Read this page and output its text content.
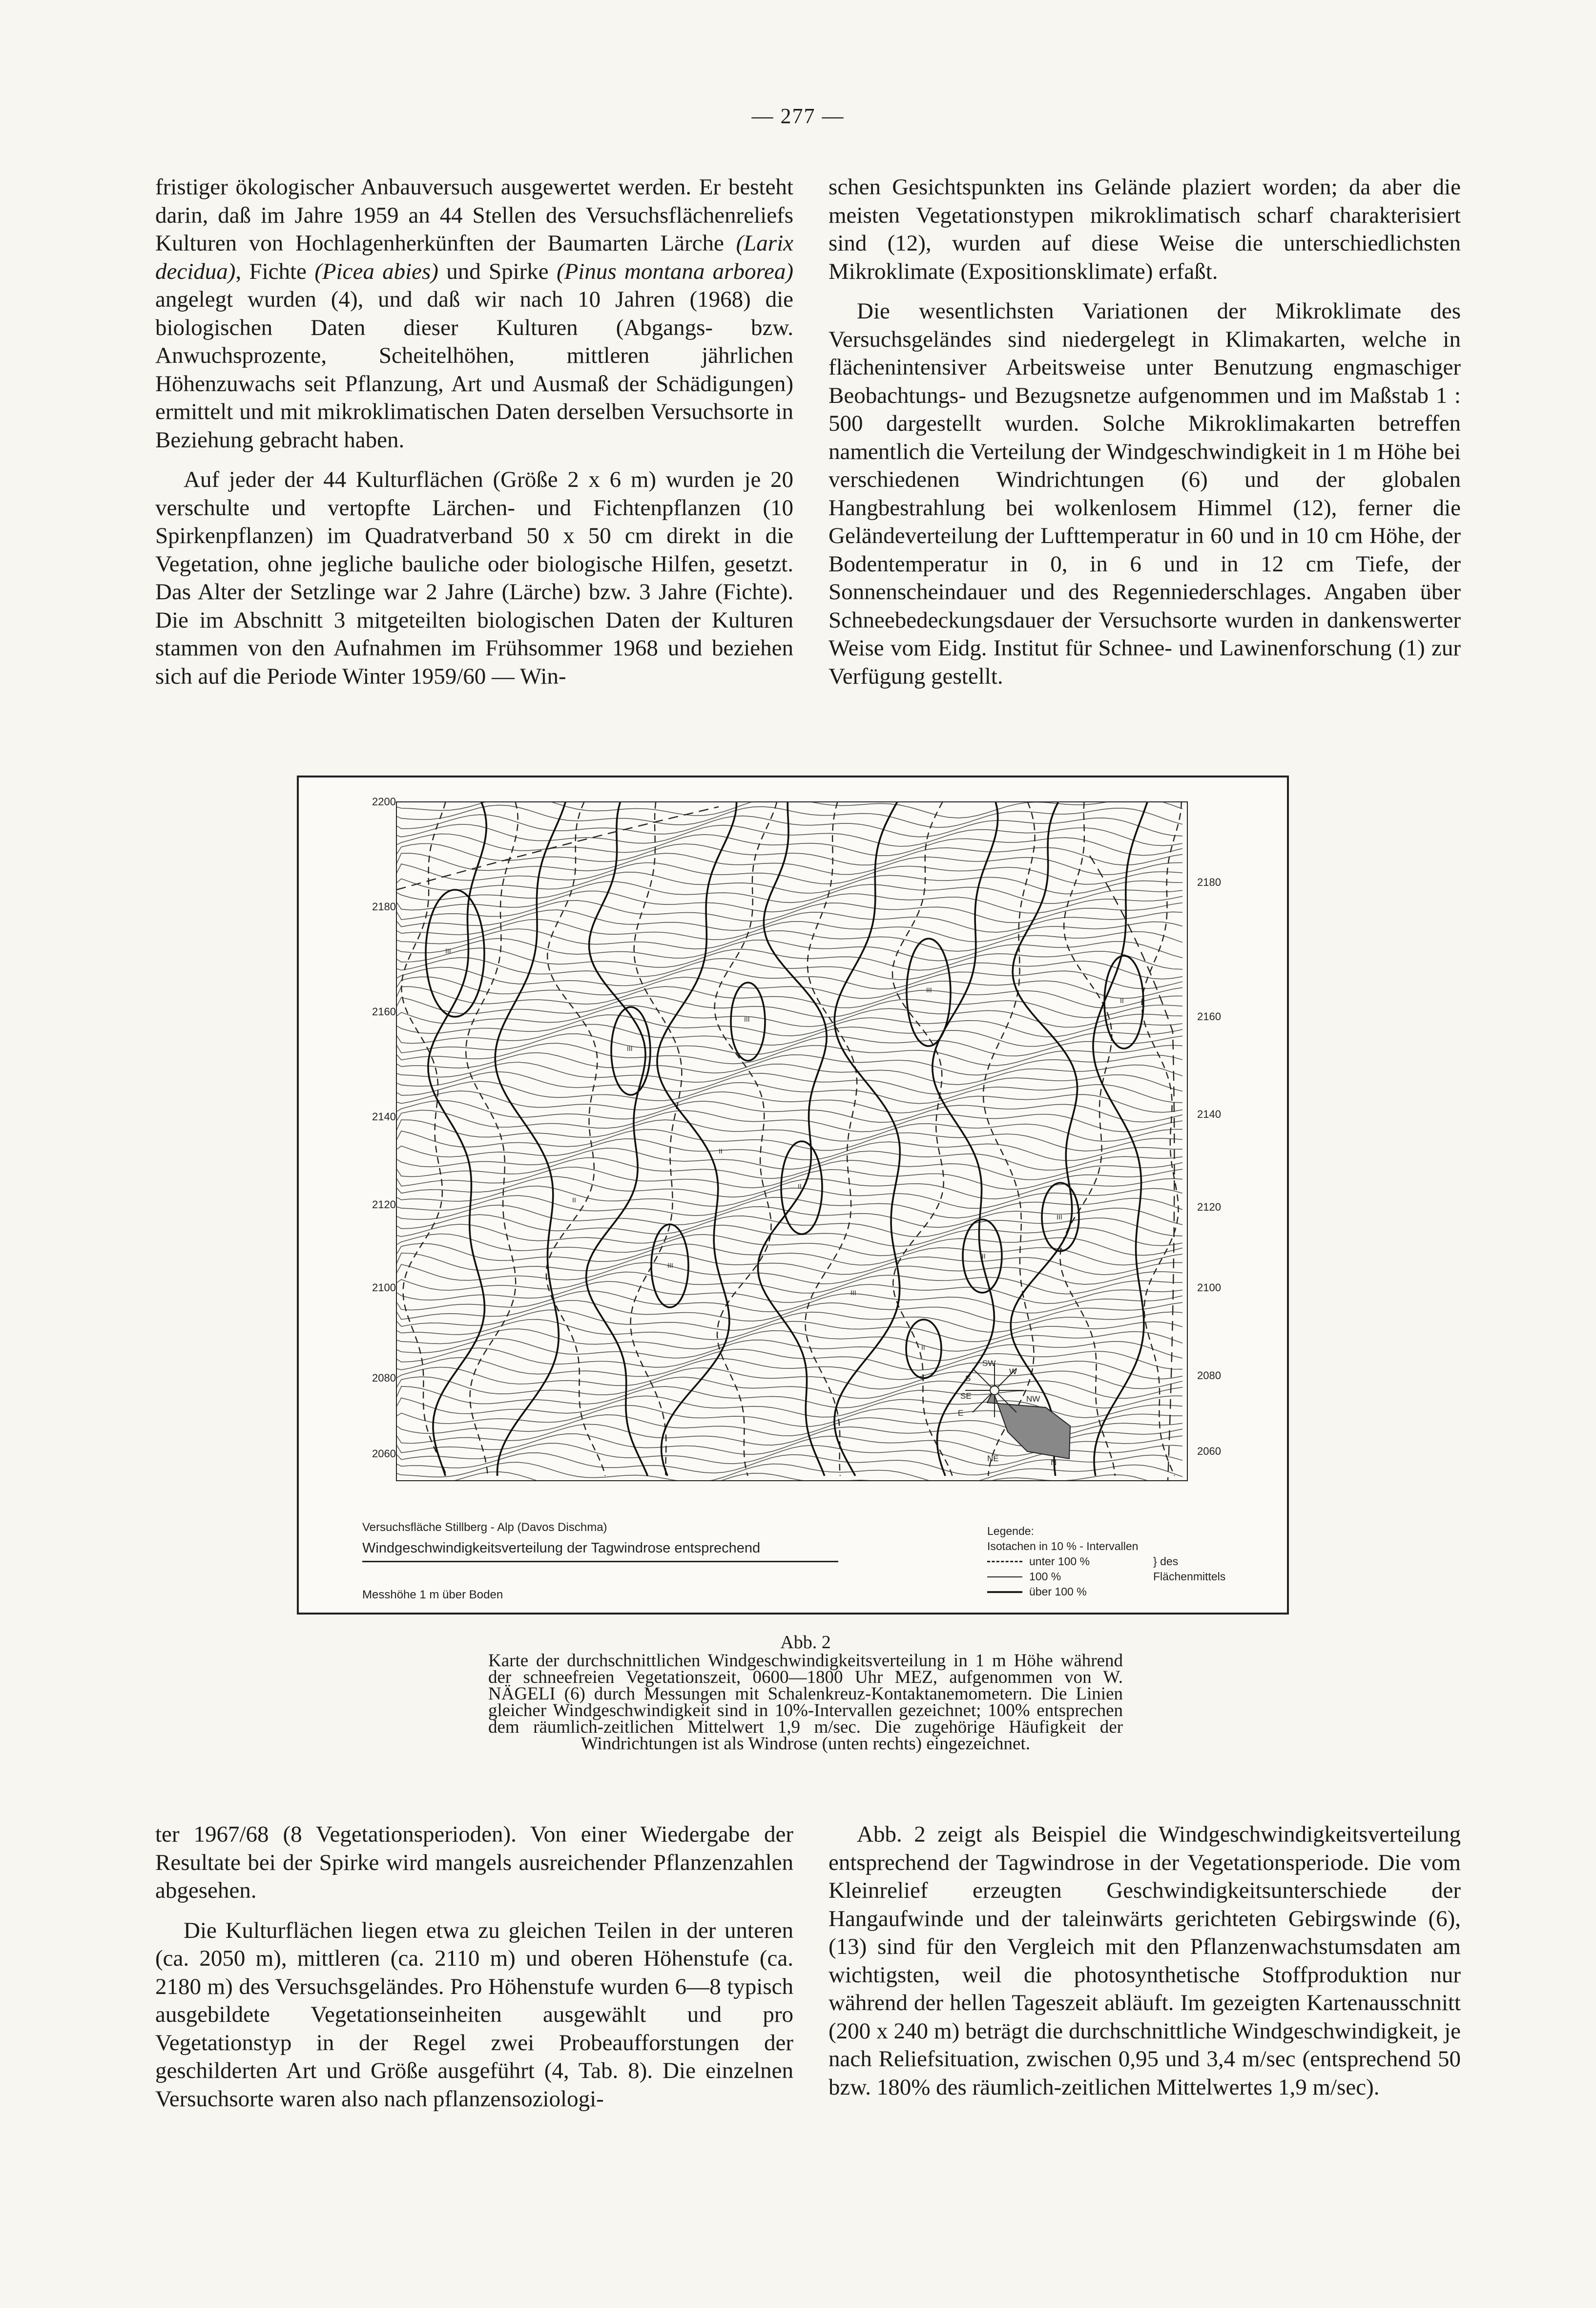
— 277 —

fristiger ökologischer Anbauversuch ausgewertet werden. Er besteht darin, daß im Jahre 1959 an 44 Stellen des Versuchsflächenreliefs Kulturen von Hochlagenherkünften der Baumarten Lärche (Larix decidua), Fichte (Picea abies) und Spirke (Pinus montana arborea) angelegt wurden (4), und daß wir nach 10 Jahren (1968) die biologischen Daten dieser Kulturen (Abgangs- bzw. Anwuchsprozente, Scheitelhöhen, mittleren jährlichen Höhenzuwachs seit Pflanzung, Art und Ausmaß der Schädigungen) ermittelt und mit mikroklimatischen Daten derselben Versuchsorte in Beziehung gebracht haben.

Auf jeder der 44 Kulturflächen (Größe 2 x 6 m) wurden je 20 verschulte und vertopfte Lärchen- und Fichtenpflanzen (10 Spirkenpflanzen) im Quadratverband 50 x 50 cm direkt in die Vegetation, ohne jegliche bauliche oder biologische Hilfen, gesetzt. Das Alter der Setzlinge war 2 Jahre (Lärche) bzw. 3 Jahre (Fichte). Die im Abschnitt 3 mitgeteilten biologischen Daten der Kulturen stammen von den Aufnahmen im Frühsommer 1968 und beziehen sich auf die Periode Winter 1959/60 — Win-

schen Gesichtspunkten ins Gelände plaziert worden; da aber die meisten Vegetationstypen mikroklimatisch scharf charakterisiert sind (12), wurden auf diese Weise die unterschiedlichsten Mikroklimate (Expositionsklimate) erfaßt.

Die wesentlichsten Variationen der Mikroklimate des Versuchsgeländes sind niedergelegt in Klimakarten, welche in flächenintensiver Arbeitsweise unter Benutzung engmaschiger Beobachtungs- und Bezugsnetze aufgenommen und im Maßstab 1 : 500 dargestellt wurden. Solche Mikroklimakarten betreffen namentlich die Verteilung der Windgeschwindigkeit in 1 m Höhe bei verschiedenen Windrichtungen (6) und der globalen Hangbestrahlung bei wolkenlosem Himmel (12), ferner die Geländeverteilung der Lufttemperatur in 60 und in 10 cm Höhe, der Bodentemperatur in 0, in 6 und in 12 cm Tiefe, der Sonnenscheindauer und des Regenniederschlages. Angaben über Schneebedeckungsdauer der Versuchsorte wurden in dankenswerter Weise vom Eidg. Institut für Schnee- und Lawinenforschung (1) zur Verfügung gestellt.

2200
2180
2160
2140
2120
2100
2080
2060
2180
2160
2140
2120
2100
2080
2060
III
III
III
III
II
III
III
III
II
II
II
III
II
SW
W
S
SE	NW
E
NE	N
Versuchsfläche Stillberg - Alp (Davos Dischma)
Windgeschwindigkeitsverteilung der Tagwindrose entsprechend
Messhöhe 1 m über Boden
Legende:
Isotachen in 10 % - Intervallen
unter 100 %
100 %
über 100 %
} des Flächenmittels
Abb. 2
Karte der durchschnittlichen Windgeschwindigkeitsverteilung in 1 m Höhe während der schneefreien Vegetationszeit, 0600—1800 Uhr MEZ, aufgenommen von W. NÄGELI (6) durch Messungen mit Schalenkreuz-Kontaktanemometern. Die Linien gleicher Windgeschwindigkeit sind in 10%-Intervallen gezeichnet; 100% entsprechen dem räumlich-zeitlichen Mittelwert 1,9 m/sec. Die zugehörige Häufigkeit der Windrichtungen ist als Windrose (unten rechts) eingezeichnet.

ter 1967/68 (8 Vegetationsperioden). Von einer Wiedergabe der Resultate bei der Spirke wird mangels ausreichender Pflanzenzahlen abgesehen.

Die Kulturflächen liegen etwa zu gleichen Teilen in der unteren (ca. 2050 m), mittleren (ca. 2110 m) und oberen Höhenstufe (ca. 2180 m) des Versuchsgeländes. Pro Höhenstufe wurden 6—8 typisch ausgebildete Vegetationseinheiten ausgewählt und pro Vegetationstyp in der Regel zwei Probeaufforstungen der geschilderten Art und Größe ausgeführt (4, Tab. 8). Die einzelnen Versuchsorte waren also nach pflanzensoziologi-

Abb. 2 zeigt als Beispiel die Windgeschwindigkeitsverteilung entsprechend der Tagwindrose in der Vegetationsperiode. Die vom Kleinrelief erzeugten Geschwindigkeitsunterschiede der Hangaufwinde und der taleinwärts gerichteten Gebirgswinde (6), (13) sind für den Vergleich mit den Pflanzenwachstumsdaten am wichtigsten, weil die photosynthetische Stoffproduktion nur während der hellen Tageszeit abläuft. Im gezeigten Kartenausschnitt (200 x 240 m) beträgt die durchschnittliche Windgeschwindigkeit, je nach Reliefsituation, zwischen 0,95 und 3,4 m/sec (entsprechend 50 bzw. 180% des räumlich-zeitlichen Mittelwertes 1,9 m/sec).
